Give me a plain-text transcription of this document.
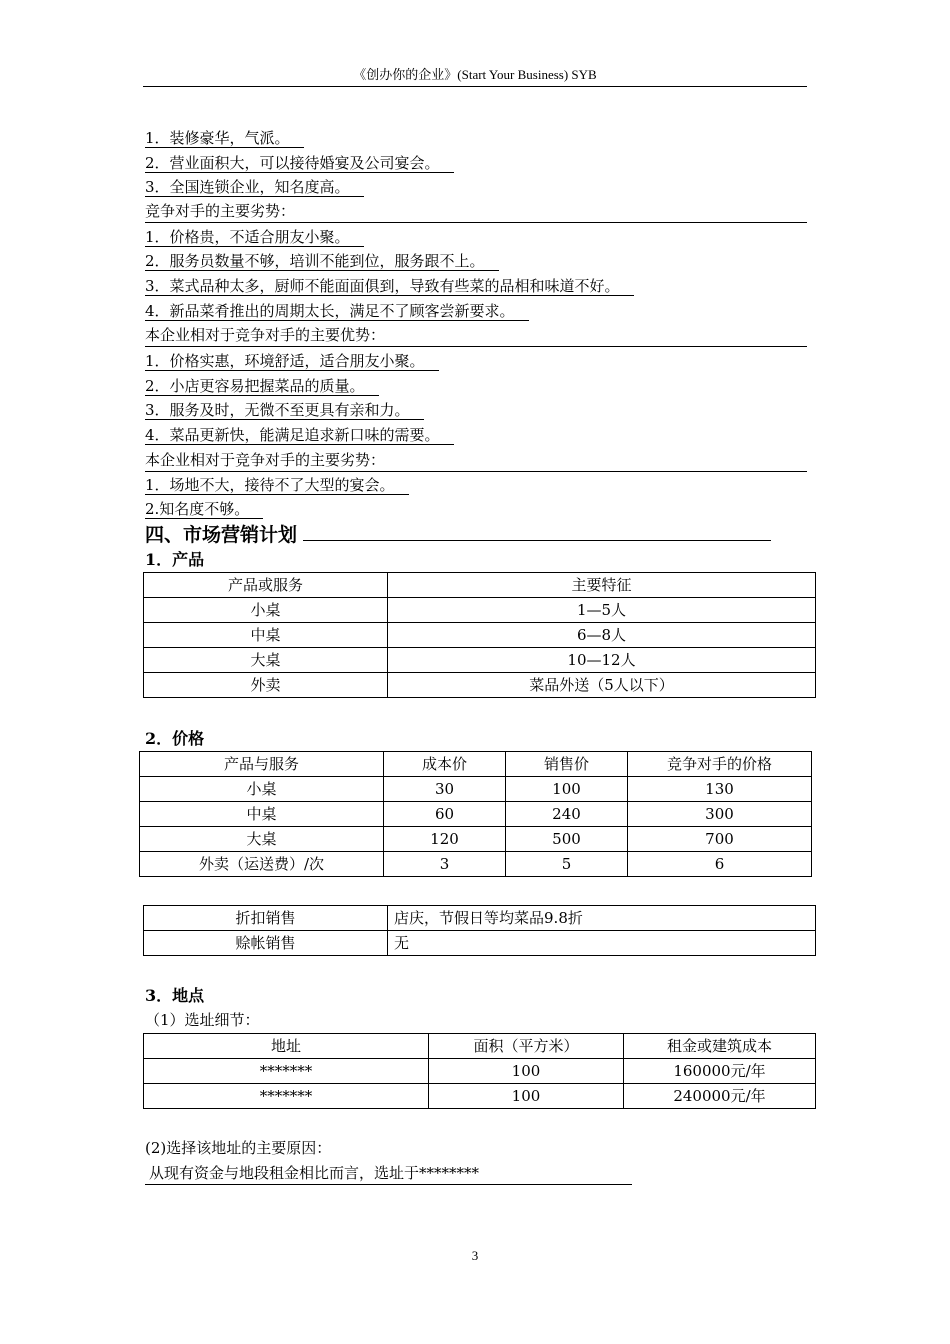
《创办你的企业》(Start Your Business) SYB
1．装修豪华，气派。
2．营业面积大，可以接待婚宴及公司宴会。
3．全国连锁企业，知名度高。
竞争对手的主要劣势：
1．价格贵，不适合朋友小聚。
2．服务员数量不够，培训不能到位，服务跟不上。
3．菜式品种太多，厨师不能面面俱到，导致有些菜的品相和味道不好。
4．新品菜肴推出的周期太长，满足不了顾客尝新要求。
本企业相对于竞争对手的主要优势：
1．价格实惠，环境舒适，适合朋友小聚。
2．小店更容易把握菜品的质量。
3．服务及时，无微不至更具有亲和力。
4．菜品更新快，能满足追求新口味的需要。
本企业相对于竞争对手的主要劣势：
1．场地不大，接待不了大型的宴会。
2.知名度不够。
四、市场营销计划
1．产品
产品或服务	主要特征
小桌	1—5人
中桌	6—8人
大桌	10—12人
外卖	菜品外送（5人以下）
2．价格
产品与服务	成本价	销售价	竞争对手的价格
小桌	30	100	130
中桌	60	240	300
大桌	120	500	700
外卖（运送费）/次	3	5	6
折扣销售	店庆，节假日等均菜品9.8折
赊帐销售	无
3．地点
（1）选址细节：
地址	面积（平方米）	租金或建筑成本
*******	100	160000元/年
*******	100	240000元/年
(2)选择该地址的主要原因：
从现有资金与地段租金相比而言，选址于********
3
